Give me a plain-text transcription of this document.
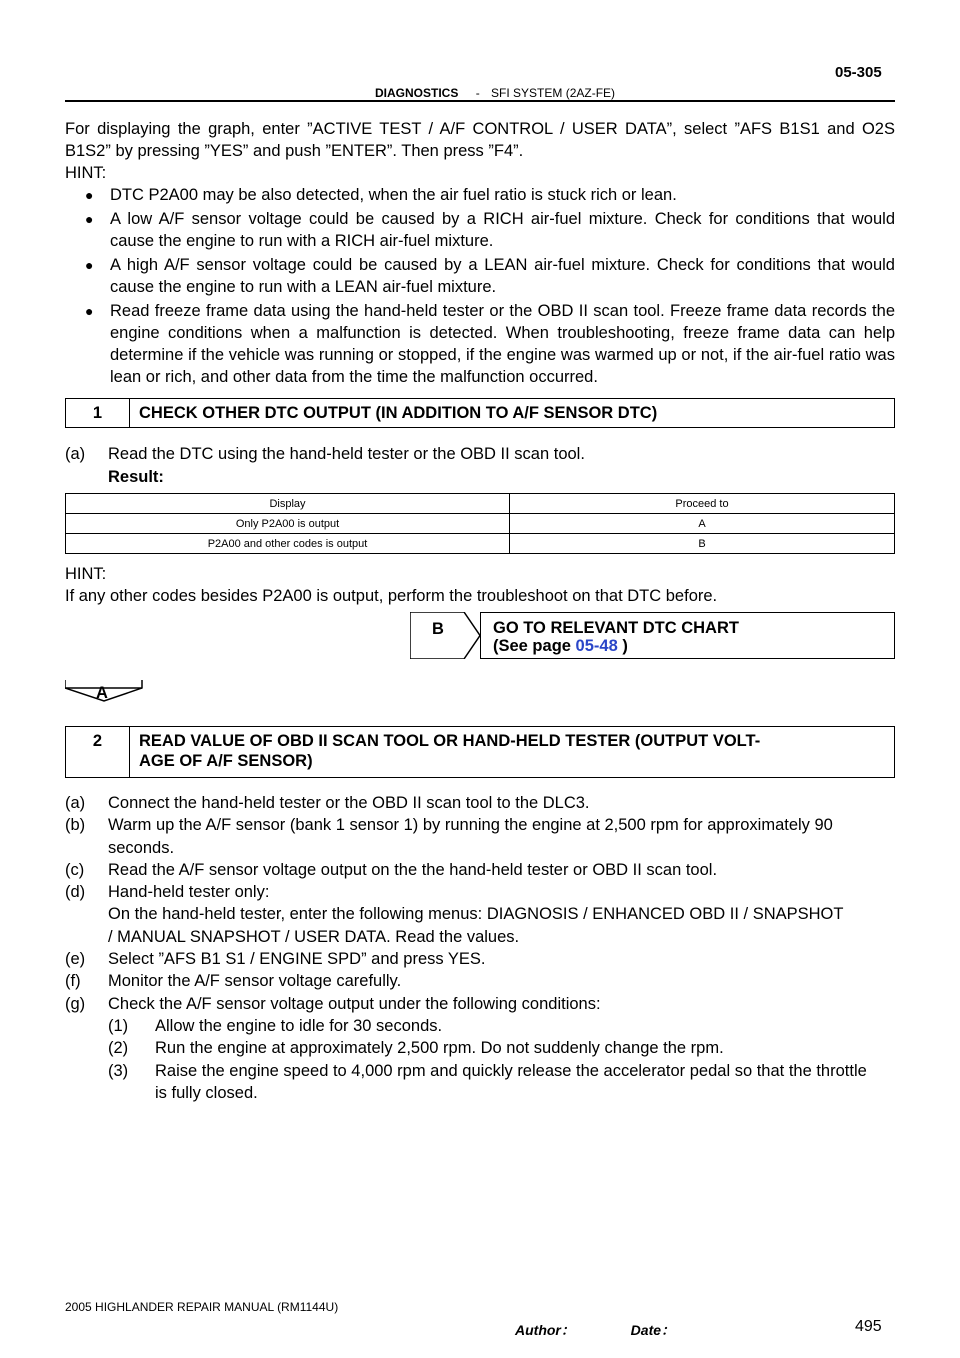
05-305
DIAGNOSTICS - SFI SYSTEM (2AZ-FE)
For displaying the graph, enter ”ACTIVE TEST / A/F CONTROL / USER DATA”, select ”AFS B1S1 and O2S B1S2” by pressing ”YES” and push ”ENTER”. Then press ”F4”.
HINT:
● DTC P2A00 may be also detected, when the air fuel ratio is stuck rich or lean.
● A low A/F sensor voltage could be caused by a RICH air-fuel mixture. Check for conditions that would cause the engine to run with a RICH air-fuel mixture.
● A high A/F sensor voltage could be caused by a LEAN air-fuel mixture. Check for conditions that would cause the engine to run with a LEAN air-fuel mixture.
● Read freeze frame data using the hand-held tester or the OBD II scan tool. Freeze frame data records the engine conditions when a malfunction is detected. When troubleshooting, freeze frame data can help determine if the vehicle was running or stopped, if the engine was warmed up or not, if the air-fuel ratio was lean or rich, and other data from the time the malfunction occurred.
1	CHECK OTHER DTC OUTPUT (IN ADDITION TO A/F SENSOR DTC)
(a) Read the DTC using the hand-held tester or the OBD II scan tool.
Result:
Display	Proceed to
Only P2A00 is output	A
P2A00 and other codes is output	B
HINT:
If any other codes besides P2A00 is output, perform the troubleshoot on that DTC before.
B	GO TO RELEVANT DTC CHART
(See page 05-48 )
A
2	READ VALUE OF OBD II SCAN TOOL OR HAND-HELD TESTER (OUTPUT VOLT-
AGE OF A/F SENSOR)
(a) Connect the hand-held tester or the OBD II scan tool to the DLC3.
(b) Warm up the A/F sensor (bank 1 sensor 1) by running the engine at 2,500 rpm for approximately 90
seconds.
(c) Read the A/F sensor voltage output on the the hand-held tester or OBD II scan tool.
(d) Hand-held tester only:
On the hand-held tester, enter the following menus: DIAGNOSIS / ENHANCED OBD II / SNAPSHOT
/ MANUAL SNAPSHOT / USER DATA. Read the values.
(e) Select ”AFS B1 S1 / ENGINE SPD” and press YES.
(f) Monitor the A/F sensor voltage carefully.
(g) Check the A/F sensor voltage output under the following conditions:
(1) Allow the engine to idle for 30 seconds.
(2) Run the engine at approximately 2,500 rpm. Do not suddenly change the rpm.
(3) Raise the engine speed to 4,000 rpm and quickly release the accelerator pedal so that the throttle
is fully closed.
2005 HIGHLANDER REPAIR MANUAL (RM1144U)
Author：	Date：	495
